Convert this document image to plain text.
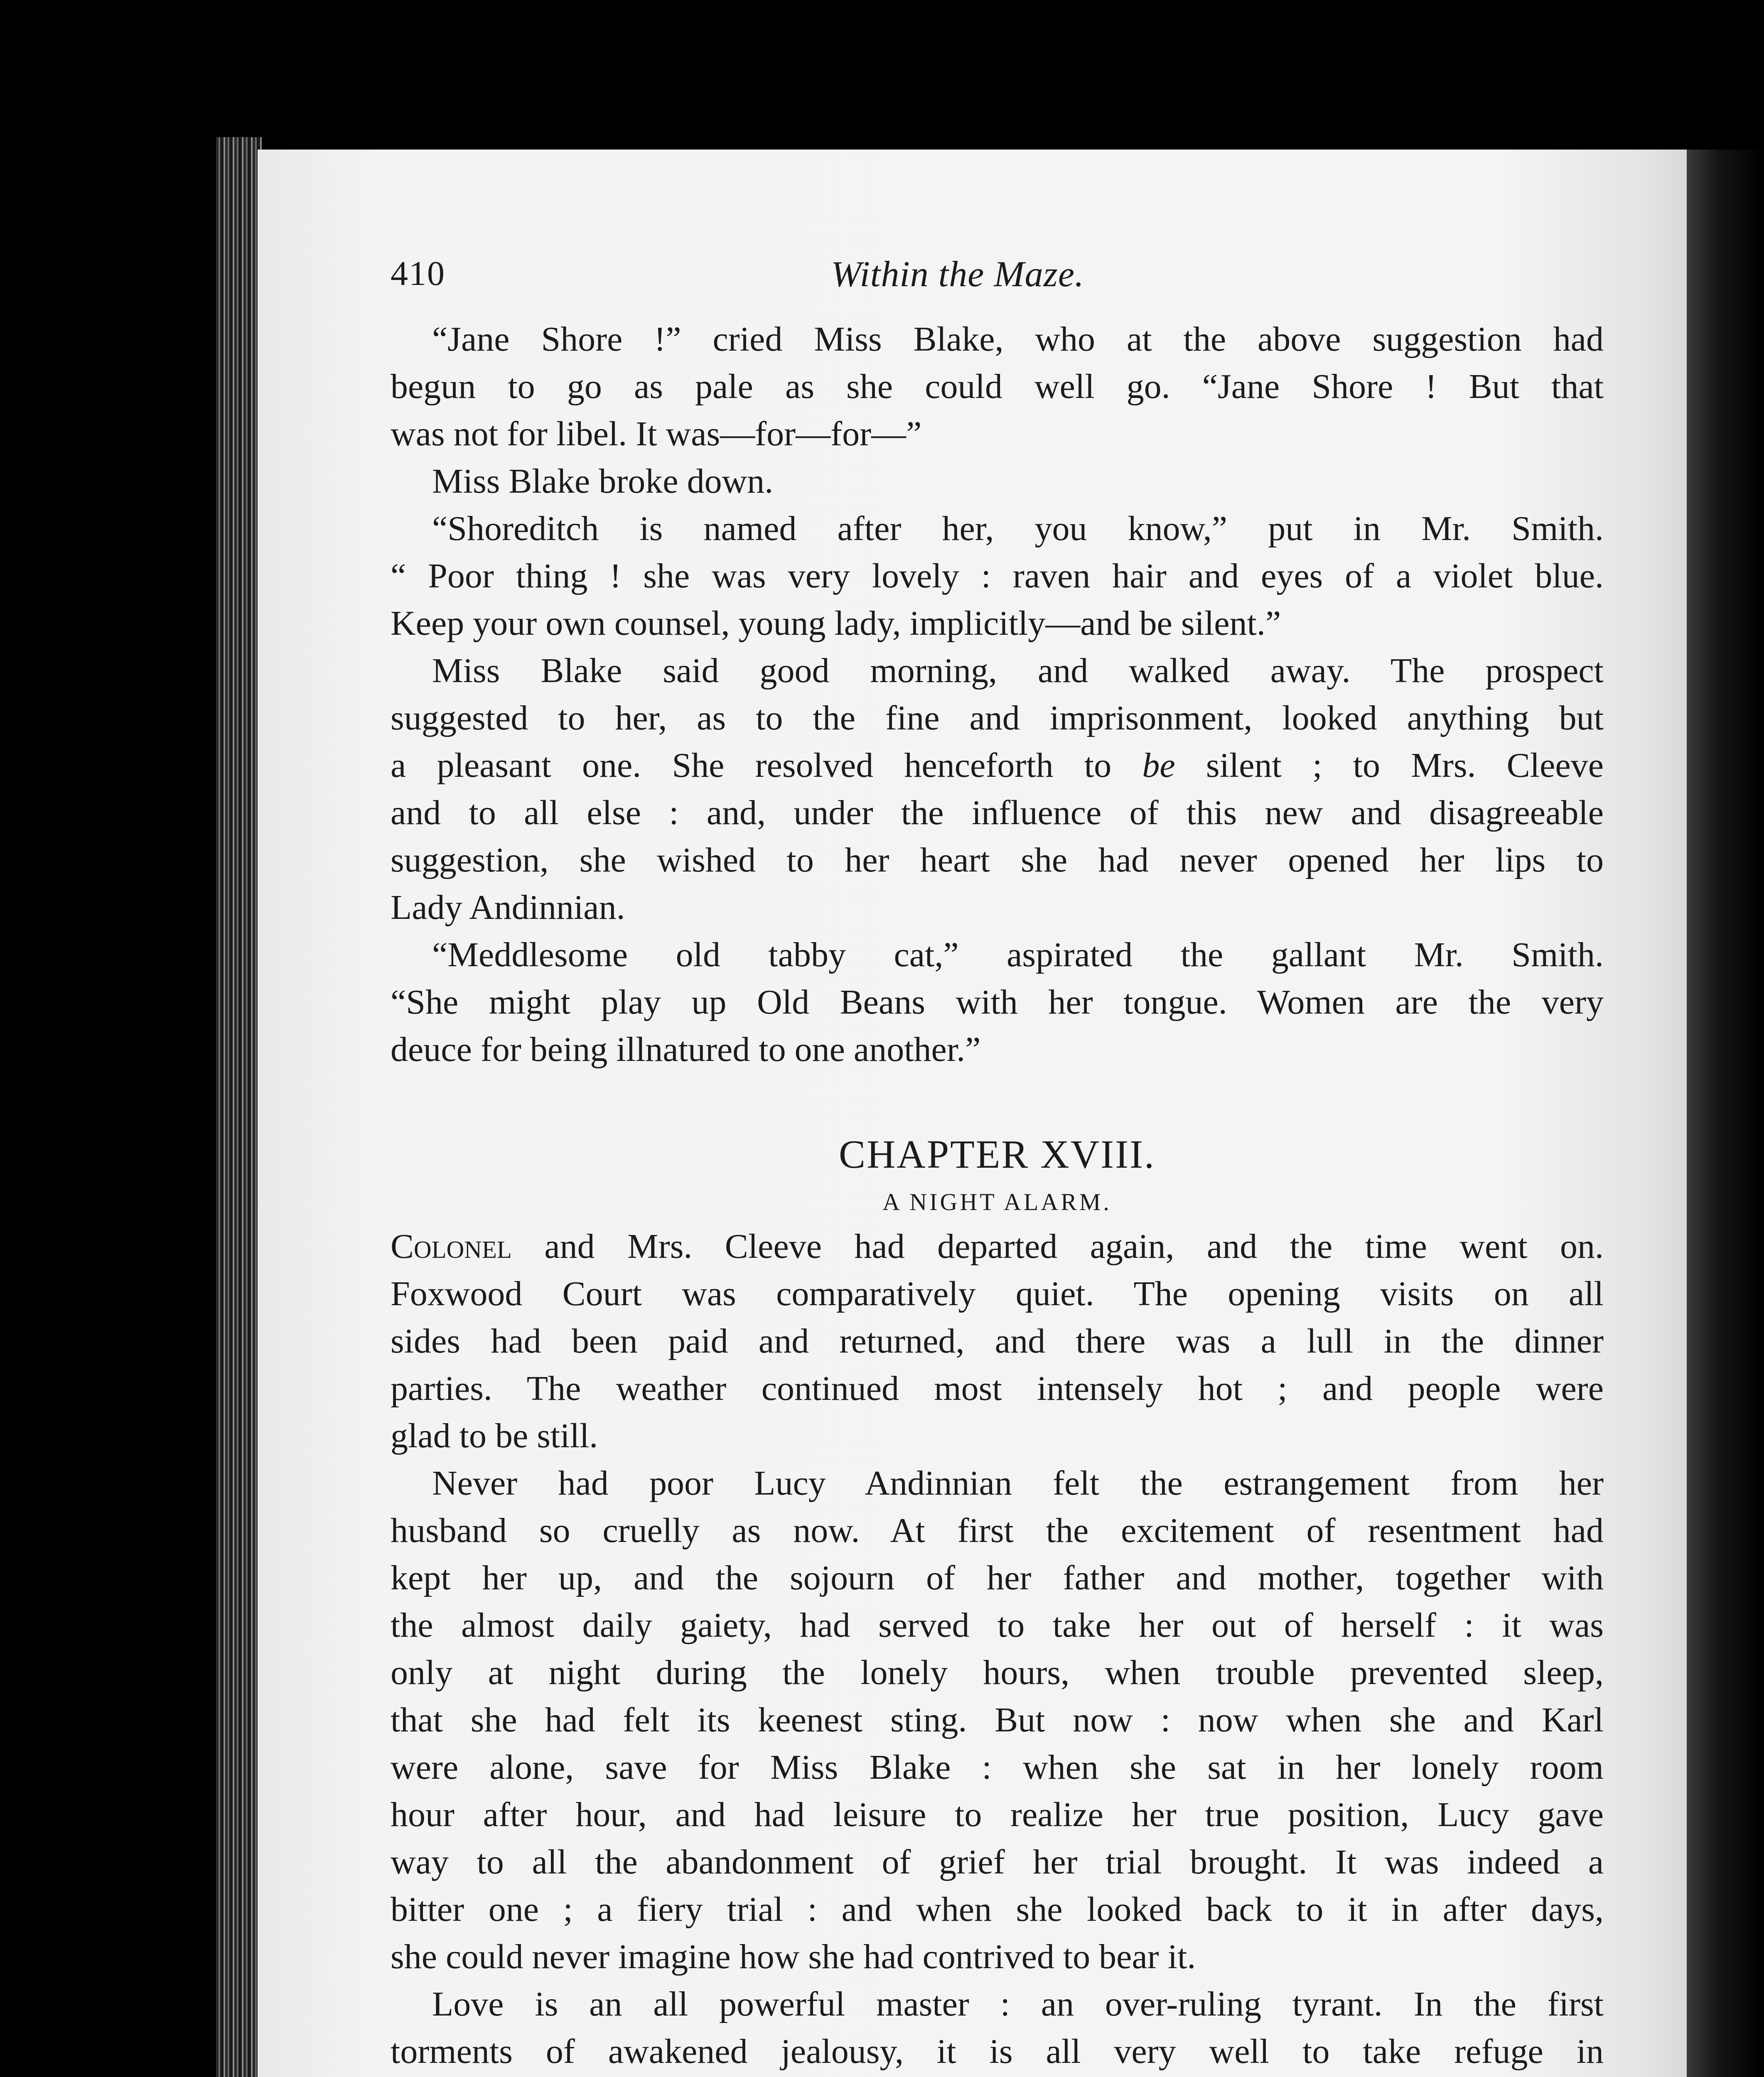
410	Within the Maze.
“Jane Shore !” cried Miss Blake, who at the above suggestion had
begun to go as pale as she could well go. “Jane Shore ! But that
was not for libel. It was—for—for—”
Miss Blake broke down.
“Shoreditch is named after her, you know,” put in Mr. Smith.
“ Poor thing ! she was very lovely : raven hair and eyes of a violet blue.
Keep your own counsel, young lady, implicitly—and be silent.”
Miss Blake said good morning, and walked away. The prospect
suggested to her, as to the fine and imprisonment, looked anything but
a pleasant one. She resolved henceforth to be silent ; to Mrs. Cleeve
and to all else : and, under the influence of this new and disagreeable
suggestion, she wished to her heart she had never opened her lips to
Lady Andinnian.
“Meddlesome old tabby cat,” aspirated the gallant Mr. Smith.
“She might play up Old Beans with her tongue. Women are the very
deuce for being illnatured to one another.”
CHAPTER XVIII.
A NIGHT ALARM.
Colonel and Mrs. Cleeve had departed again, and the time went on.
Foxwood Court was comparatively quiet. The opening visits on all
sides had been paid and returned, and there was a lull in the dinner
parties. The weather continued most intensely hot ; and people were
glad to be still.
Never had poor Lucy Andinnian felt the estrangement from her
husband so cruelly as now. At first the excitement of resentment had
kept her up, and the sojourn of her father and mother, together with
the almost daily gaiety, had served to take her out of herself : it was
only at night during the lonely hours, when trouble prevented sleep,
that she had felt its keenest sting. But now : now when she and Karl
were alone, save for Miss Blake : when she sat in her lonely room
hour after hour, and had leisure to realize her true position, Lucy gave
way to all the abandonment of grief her trial brought. It was indeed a
bitter one ; a fiery trial : and when she looked back to it in after days,
she could never imagine how she had contrived to bear it.
Love is an all powerful master : an over-ruling tyrant. In the first
torments of awakened jealousy, it is all very well to take refuge in
